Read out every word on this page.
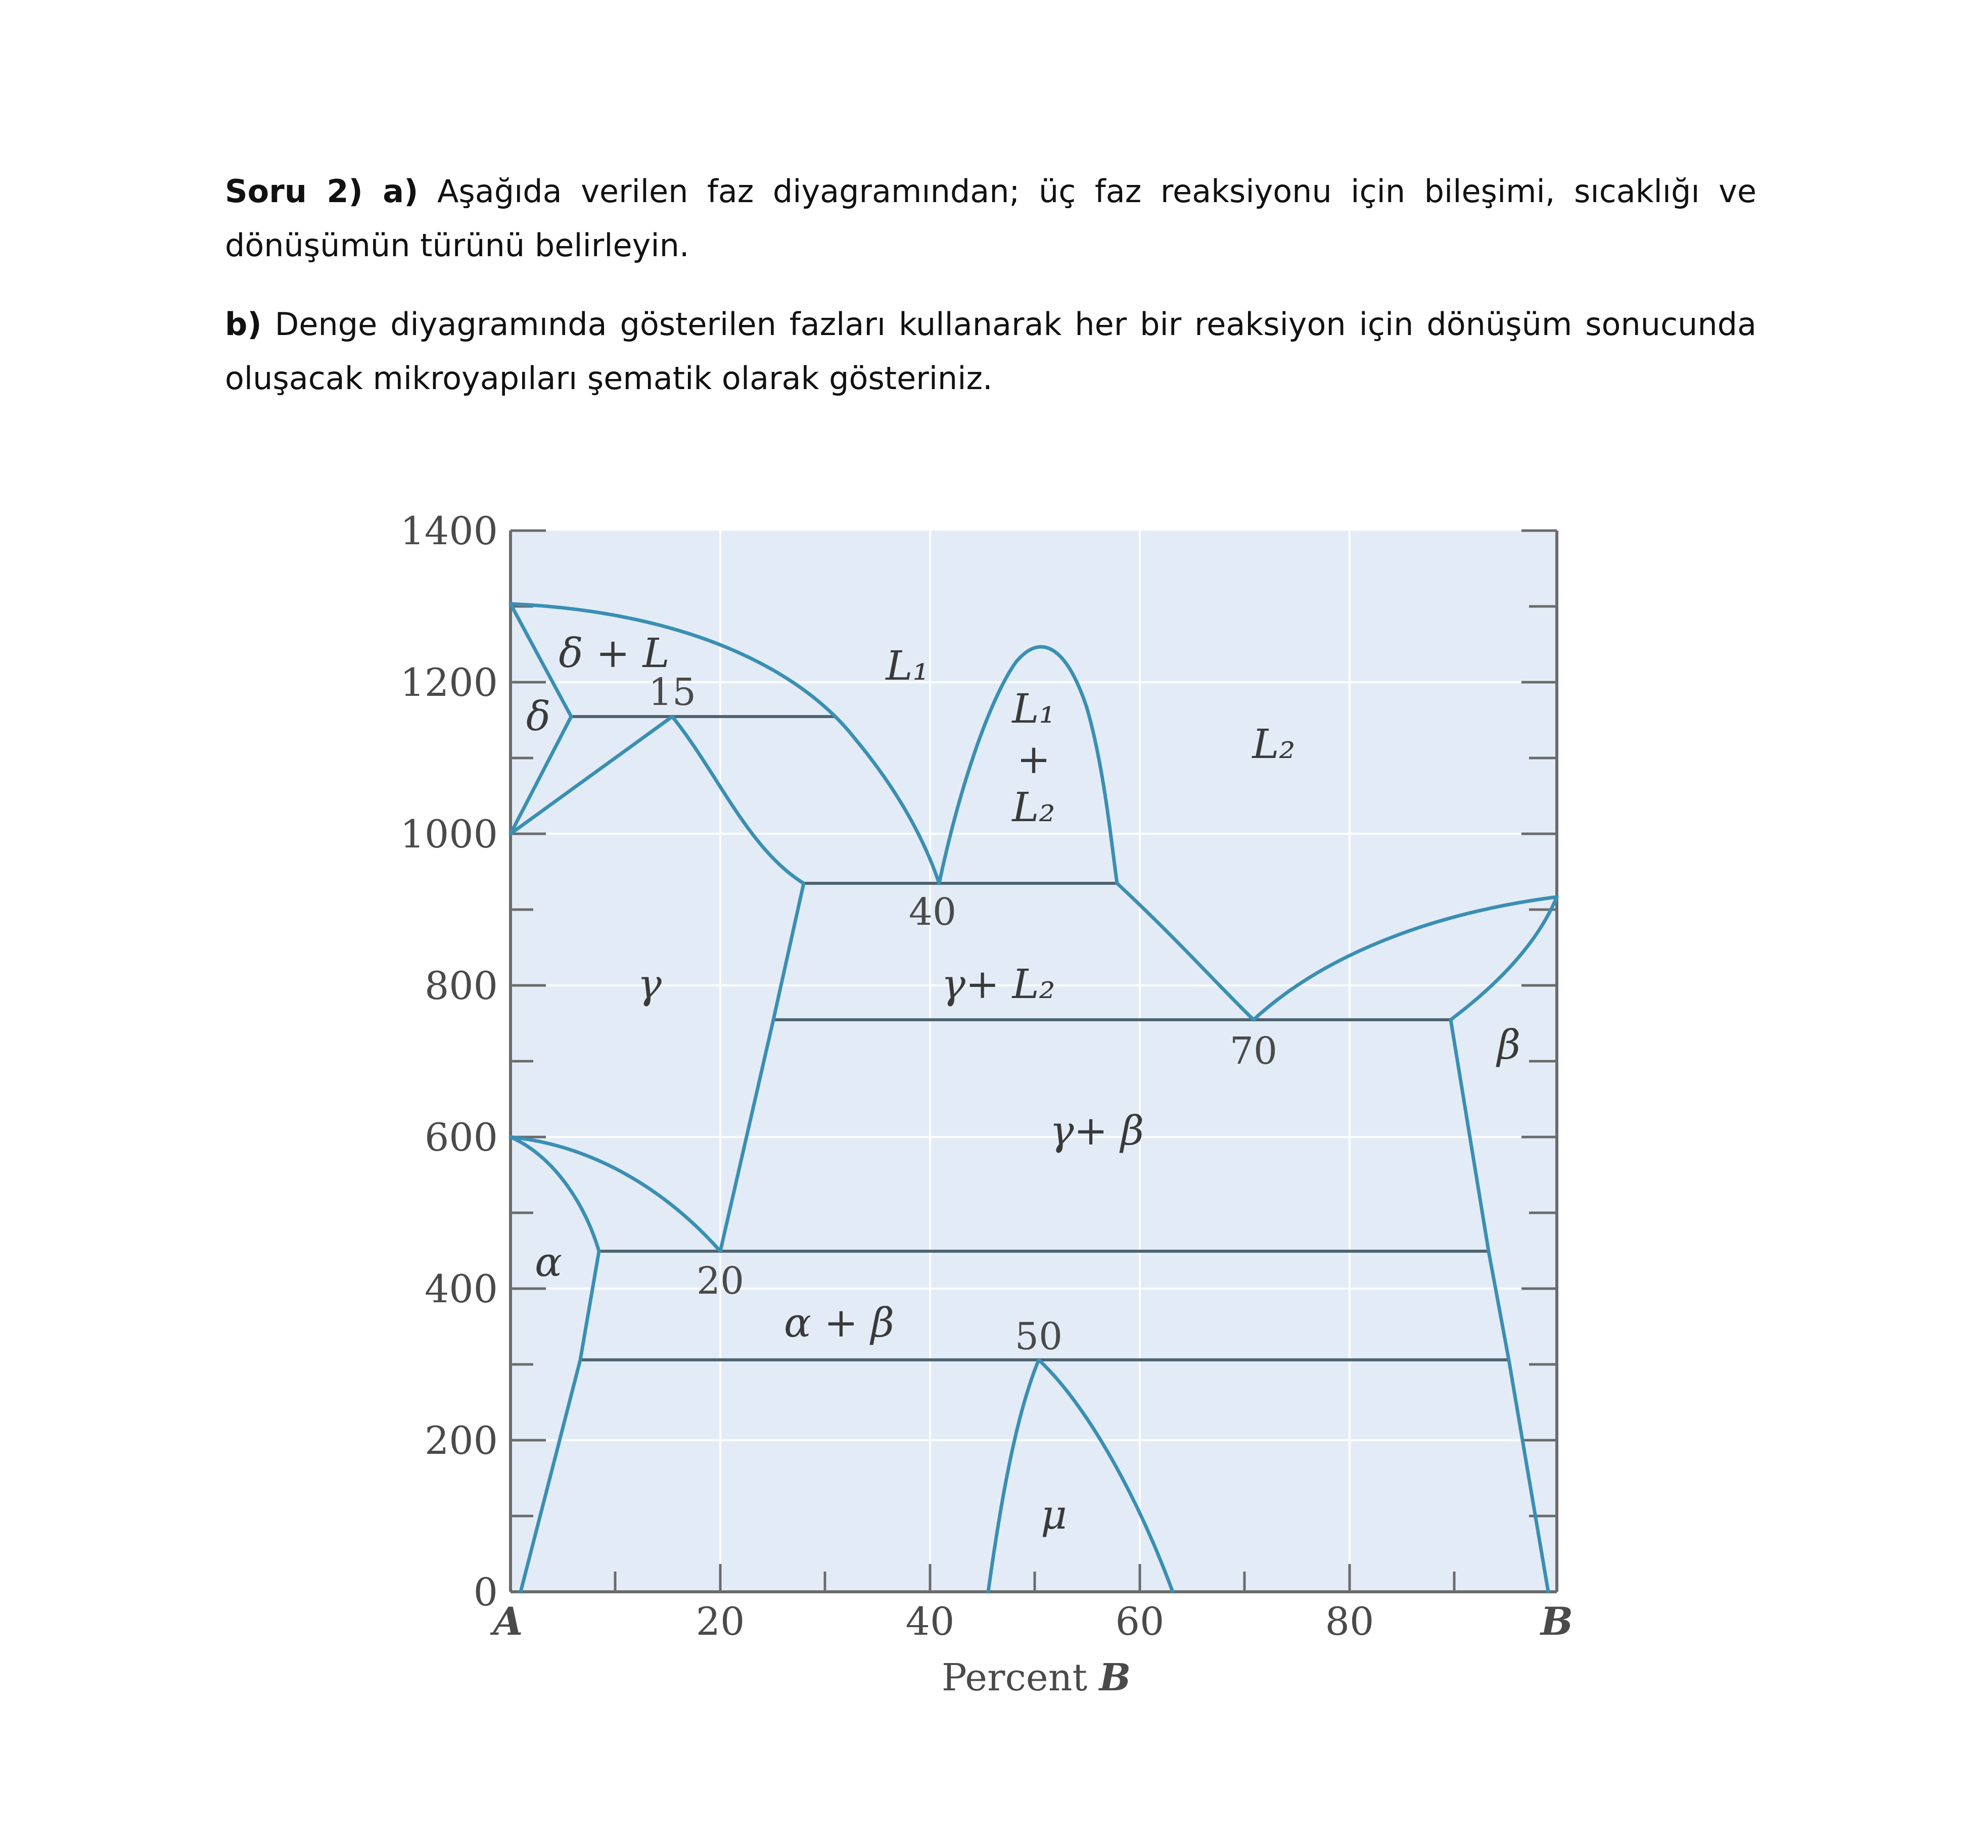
Soru 2) a) Aşağıda verilen faz diyagramından; üç faz reaksiyonu için bileşimi, sıcaklığı ve dönüşümün türünü belirleyin.

b) Denge diyagramında gösterilen fazları kullanarak her bir reaksiyon için dönüşüm sonucunda oluşacak mikroyapıları şematik olarak gösteriniz.

1400
1200
1000
800
600
400
200
0
20	40	60	80
A	B
Percent B
15
40
70
20
50
δ + L
δ
L₁
L₁
+
L₂
L₂
γ	γ+ L₂
β
γ+ β
α
α + β
μ
